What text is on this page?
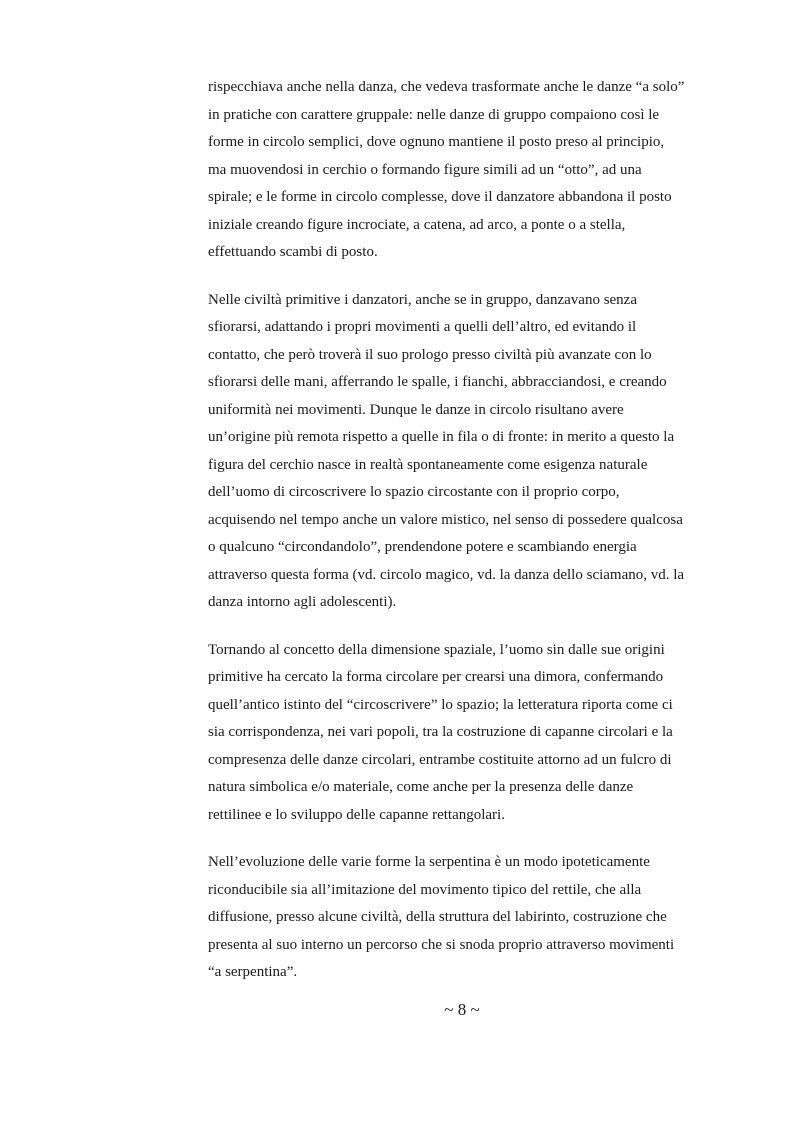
rispecchiava anche nella danza, che vedeva trasformate anche le danze “a solo”
in pratiche con carattere gruppale: nelle danze di gruppo compaiono così le
forme in circolo semplici, dove ognuno mantiene il posto preso al principio,
ma muovendosi in cerchio o formando figure simili ad un “otto”, ad una
spirale; e le forme in circolo complesse, dove il danzatore abbandona il posto
iniziale creando figure incrociate, a catena, ad arco, a ponte o a stella,
effettuando scambi di posto.
Nelle civiltà primitive i danzatori, anche se in gruppo, danzavano senza
sfiorarsi, adattando i propri movimenti a quelli dell’altro, ed evitando il
contatto, che però troverà il suo prologo presso civiltà più avanzate con lo
sfiorarsi delle mani, afferrando le spalle, i fianchi, abbracciandosi, e creando
uniformità nei movimenti. Dunque le danze in circolo risultano avere
un’origine più remota rispetto a quelle in fila o di fronte: in merito a questo la
figura del cerchio nasce in realtà spontaneamente come esigenza naturale
dell’uomo di circoscrivere lo spazio circostante con il proprio corpo,
acquisendo nel tempo anche un valore mistico, nel senso di possedere qualcosa
o qualcuno “circondandolo”, prendendone potere e scambiando energia
attraverso questa forma (vd. circolo magico, vd. la danza dello sciamano, vd. la
danza intorno agli adolescenti).
Tornando al concetto della dimensione spaziale, l’uomo sin dalle sue origini
primitive ha cercato la forma circolare per crearsi una dimora, confermando
quell’antico istinto del “circoscrivere” lo spazio; la letteratura riporta come ci
sia corrispondenza, nei vari popoli, tra la costruzione di capanne circolari e la
compresenza delle danze circolari, entrambe costituite attorno ad un fulcro di
natura simbolica e/o materiale, come anche per la presenza delle danze
rettilinee e lo sviluppo delle capanne rettangolari.
Nell’evoluzione delle varie forme la serpentina è un modo ipoteticamente
riconducibile sia all’imitazione del movimento tipico del rettile, che alla
diffusione, presso alcune civiltà, della struttura del labirinto, costruzione che
presenta al suo interno un percorso che si snoda proprio attraverso movimenti
“a serpentina”.
~ 8 ~
